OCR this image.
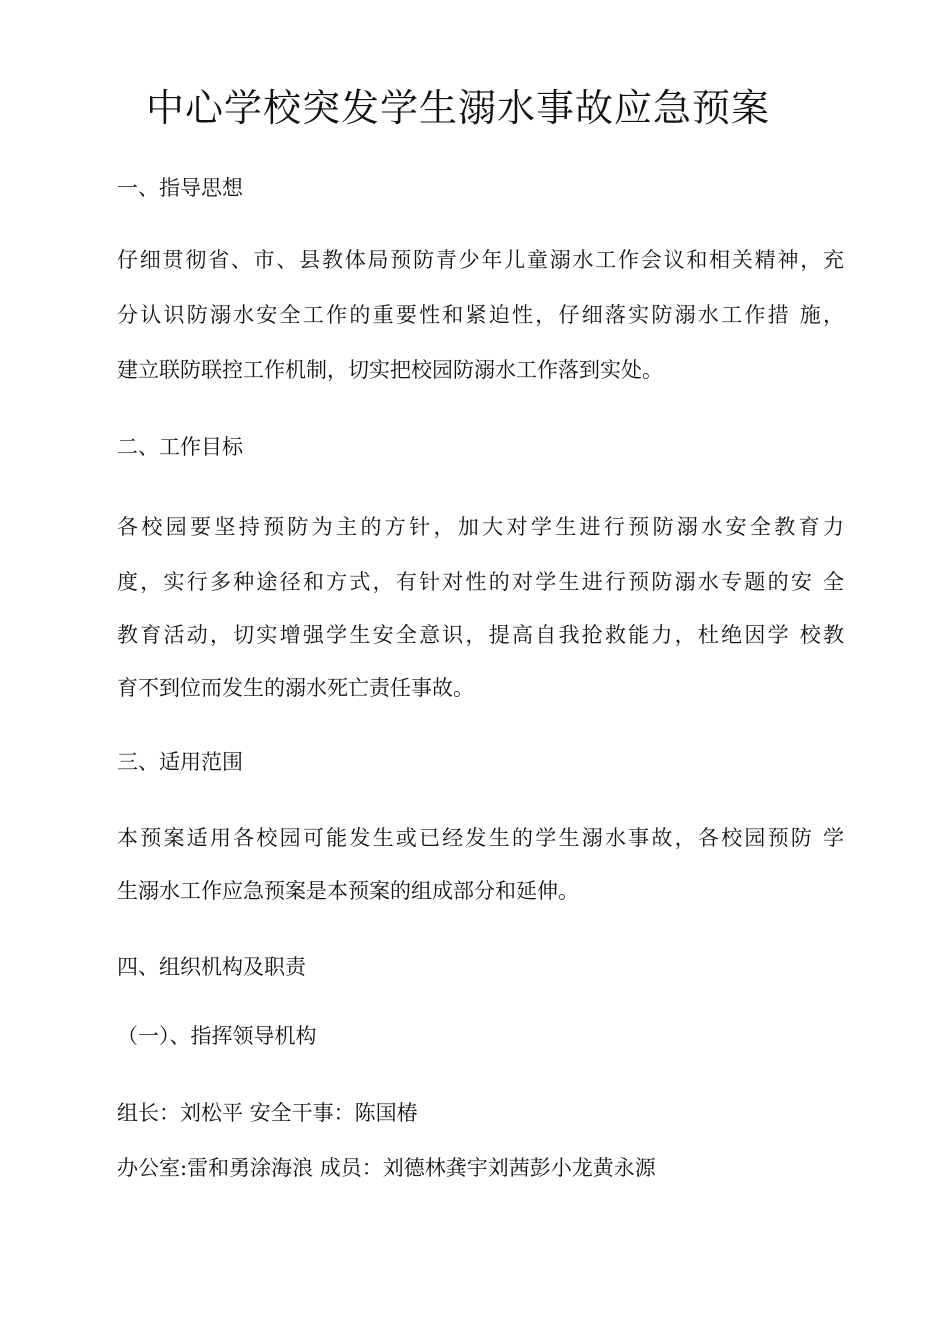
中心学校突发学生溺水事故应急预案

一、指导思想

仔细贯彻省、市、县教体局预防青少年儿童溺水工作会议和相关精神，充

分认识防溺水安全工作的重要性和紧迫性，仔细落实防溺水工作措 施，

建立联防联控工作机制，切实把校园防溺水工作落到实处。

二、工作目标

各校园要坚持预防为主的方针，加大对学生进行预防溺水安全教育力

度，实行多种途径和方式，有针对性的对学生进行预防溺水专题的安 全

教育活动，切实增强学生安全意识，提高自我抢救能力，杜绝因学 校教

育不到位而发生的溺水死亡责任事故。

三、适用范围

本预案适用各校园可能发生或已经发生的学生溺水事故，各校园预防 学

生溺水工作应急预案是本预案的组成部分和延伸。

四、组织机构及职责

（一）、指挥领导机构

组长：刘松平 安全干事：陈国椿

办公室:雷和勇涂海浪 成员：刘德林龚宇刘茜彭小龙黄永源
